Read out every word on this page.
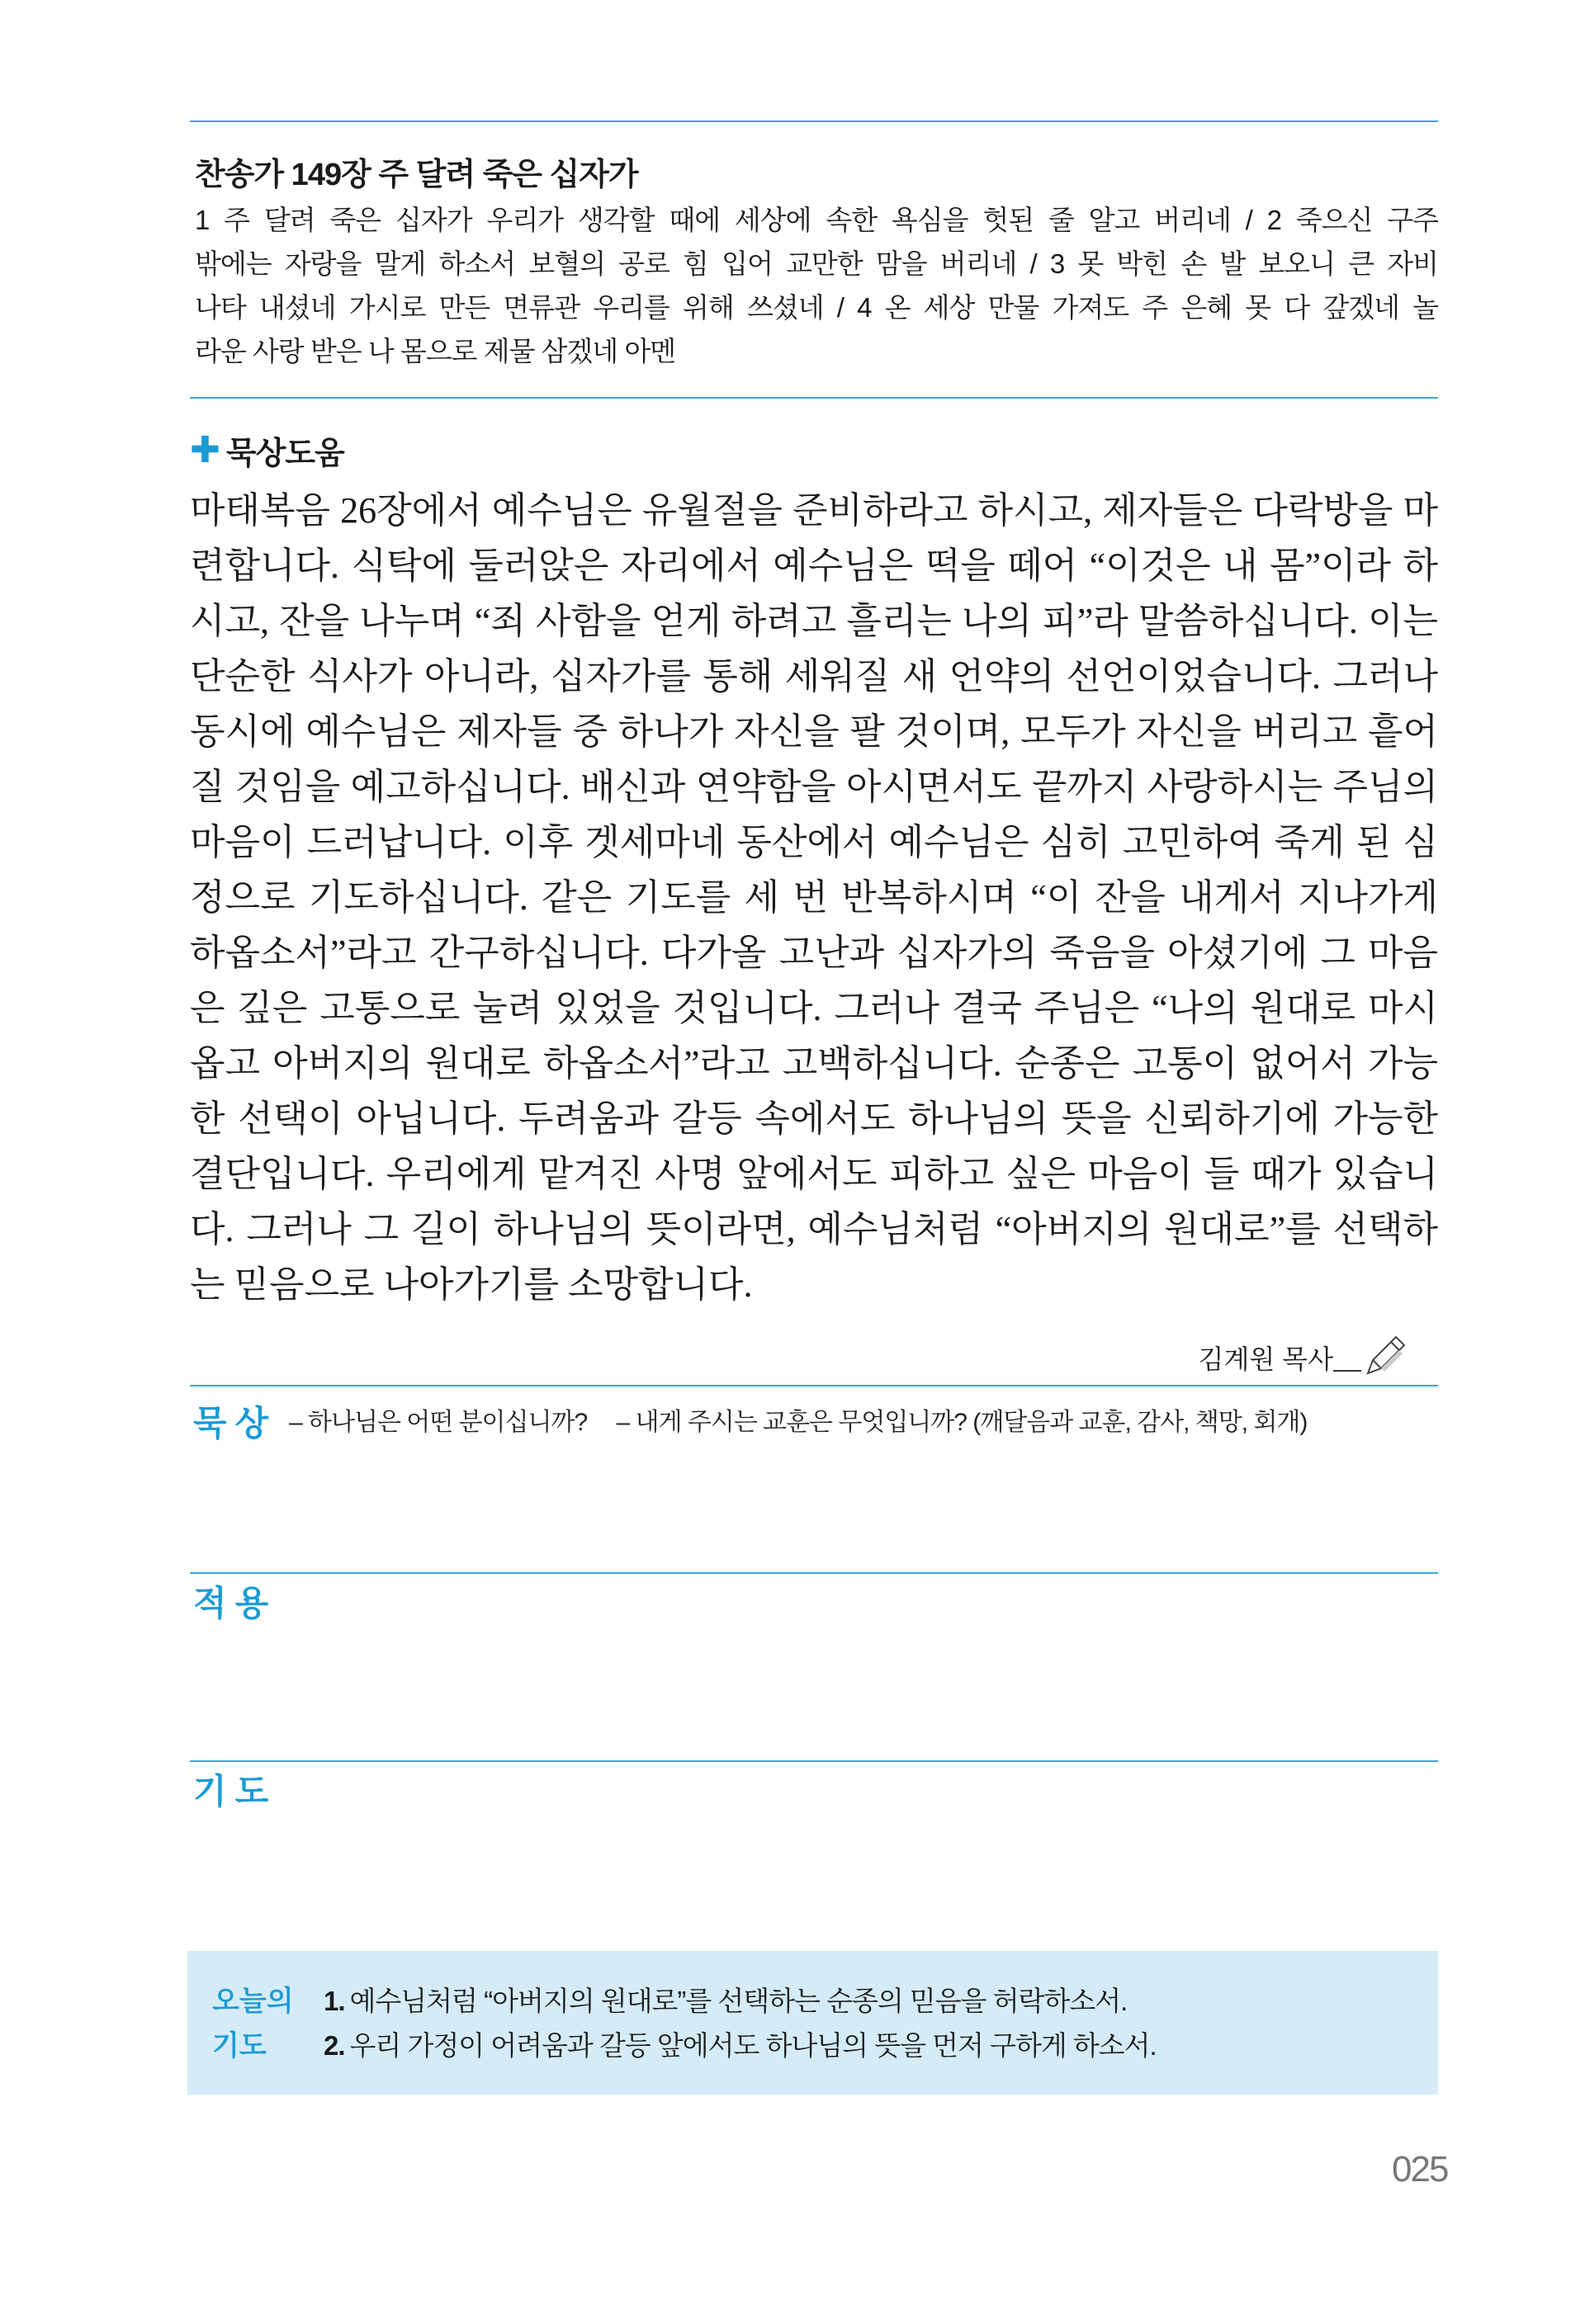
찬송가 149장 주 달려 죽은 십자가
1 주 달려 죽은 십자가 우리가 생각할 때에 세상에 속한 욕심을 헛된 줄 알고 버리네 / 2 죽으신 구주
밖에는 자랑을 말게 하소서 보혈의 공로 힘 입어 교만한 맘을 버리네 / 3 못 박힌 손 발 보오니 큰 자비
나타 내셨네 가시로 만든 면류관 우리를 위해 쓰셨네 / 4 온 세상 만물 가져도 주 은혜 못 다 갚겠네 놀
라운 사랑 받은 나 몸으로 제물 삼겠네 아멘
✚ 묵상도움
마태복음 26장에서 예수님은 유월절을 준비하라고 하시고, 제자들은 다락방을 마
련합니다. 식탁에 둘러앉은 자리에서 예수님은 떡을 떼어 “이것은 내 몸”이라 하
시고, 잔을 나누며 “죄 사함을 얻게 하려고 흘리는 나의 피”라 말씀하십니다. 이는
단순한 식사가 아니라, 십자가를 통해 세워질 새 언약의 선언이었습니다. 그러나
동시에 예수님은 제자들 중 하나가 자신을 팔 것이며, 모두가 자신을 버리고 흩어
질 것임을 예고하십니다. 배신과 연약함을 아시면서도 끝까지 사랑하시는 주님의
마음이 드러납니다. 이후 겟세마네 동산에서 예수님은 심히 고민하여 죽게 된 심
정으로 기도하십니다. 같은 기도를 세 번 반복하시며 “이 잔을 내게서 지나가게
하옵소서”라고 간구하십니다. 다가올 고난과 십자가의 죽음을 아셨기에 그 마음
은 깊은 고통으로 눌려 있었을 것입니다. 그러나 결국 주님은 “나의 원대로 마시
옵고 아버지의 원대로 하옵소서”라고 고백하십니다. 순종은 고통이 없어서 가능
한 선택이 아닙니다. 두려움과 갈등 속에서도 하나님의 뜻을 신뢰하기에 가능한
결단입니다. 우리에게 맡겨진 사명 앞에서도 피하고 싶은 마음이 들 때가 있습니
다. 그러나 그 길이 하나님의 뜻이라면, 예수님처럼 “아버지의 원대로”를 선택하
는 믿음으로 나아가기를 소망합니다.
김계원 목사
묵상 – 하나님은 어떤 분이십니까? – 내게 주시는 교훈은 무엇입니까? (깨달음과 교훈, 감사, 책망, 회개)
적용
기도
오늘의
기도
1. 예수님처럼 “아버지의 원대로”를 선택하는 순종의 믿음을 허락하소서.
2. 우리 가정이 어려움과 갈등 앞에서도 하나님의 뜻을 먼저 구하게 하소서.
025
